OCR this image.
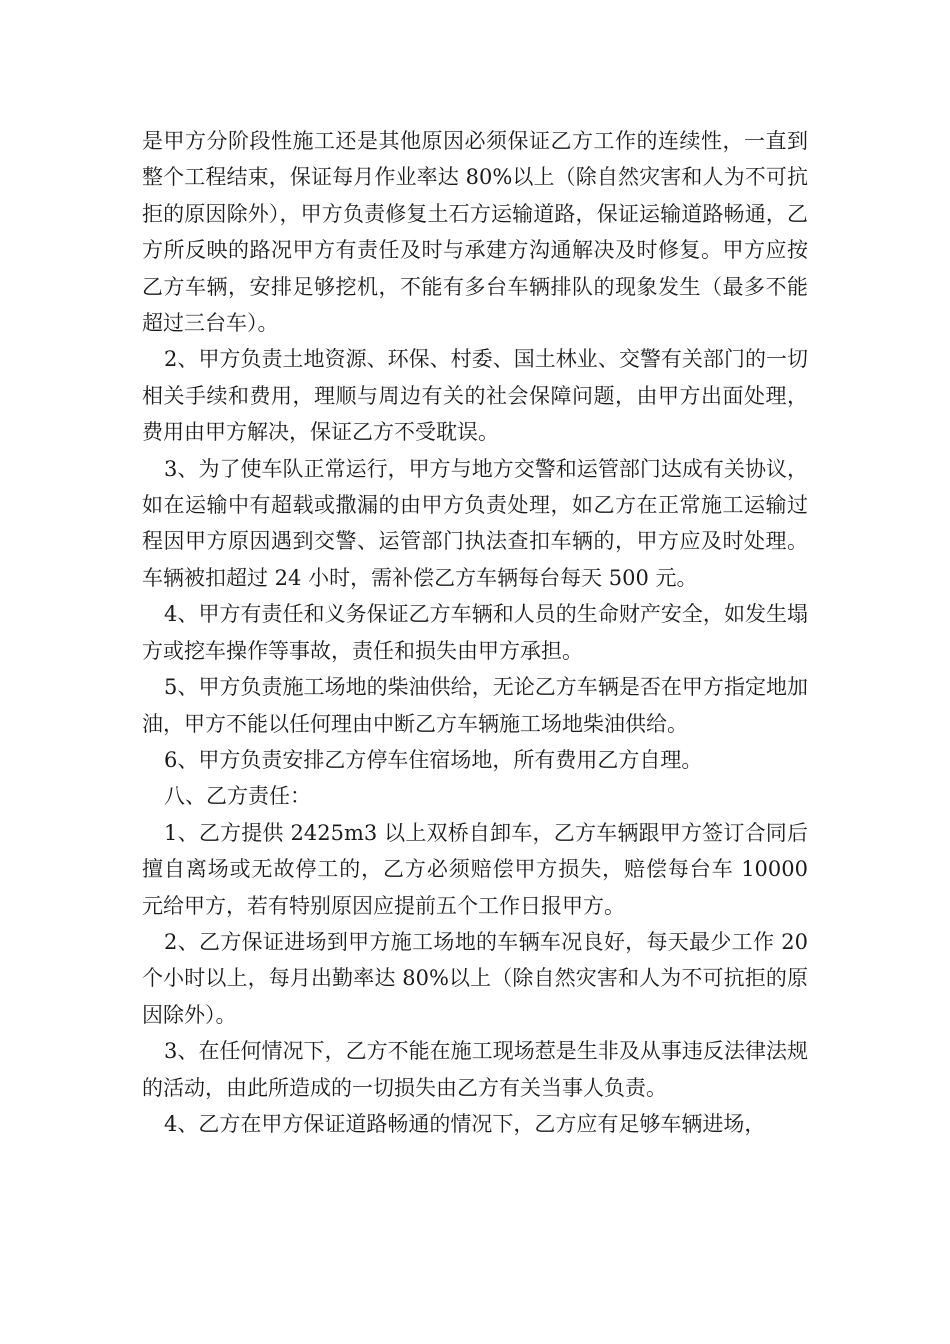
是甲方分阶段性施工还是其他原因必须保证乙方工作的连续性，一直到整个工程结束，保证每月作业率达 80%以上（除自然灾害和人为不可抗拒的原因除外），甲方负责修复土石方运输道路，保证运输道路畅通，乙方所反映的路况甲方有责任及时与承建方沟通解决及时修复。甲方应按乙方车辆，安排足够挖机，不能有多台车辆排队的现象发生（最多不能超过三台车）。

2、甲方负责土地资源、环保、村委、国土林业、交警有关部门的一切相关手续和费用，理顺与周边有关的社会保障问题，由甲方出面处理，费用由甲方解决，保证乙方不受耽误。

3、为了使车队正常运行，甲方与地方交警和运管部门达成有关协议，如在运输中有超载或撒漏的由甲方负责处理，如乙方在正常施工运输过程因甲方原因遇到交警、运管部门执法查扣车辆的，甲方应及时处理。车辆被扣超过 24 小时，需补偿乙方车辆每台每天 500 元。

4、甲方有责任和义务保证乙方车辆和人员的生命财产安全，如发生塌方或挖车操作等事故，责任和损失由甲方承担。

5、甲方负责施工场地的柴油供给，无论乙方车辆是否在甲方指定地加油，甲方不能以任何理由中断乙方车辆施工场地柴油供给。

6、甲方负责安排乙方停车住宿场地，所有费用乙方自理。

八、乙方责任：

1、乙方提供 2425m3 以上双桥自卸车，乙方车辆跟甲方签订合同后擅自离场或无故停工的，乙方必须赔偿甲方损失，赔偿每台车 10000 元给甲方，若有特别原因应提前五个工作日报甲方。

2、乙方保证进场到甲方施工场地的车辆车况良好，每天最少工作 20 个小时以上，每月出勤率达 80%以上（除自然灾害和人为不可抗拒的原因除外）。

3、在任何情况下，乙方不能在施工现场惹是生非及从事违反法律法规的活动，由此所造成的一切损失由乙方有关当事人负责。

4、乙方在甲方保证道路畅通的情况下，乙方应有足够车辆进场，
